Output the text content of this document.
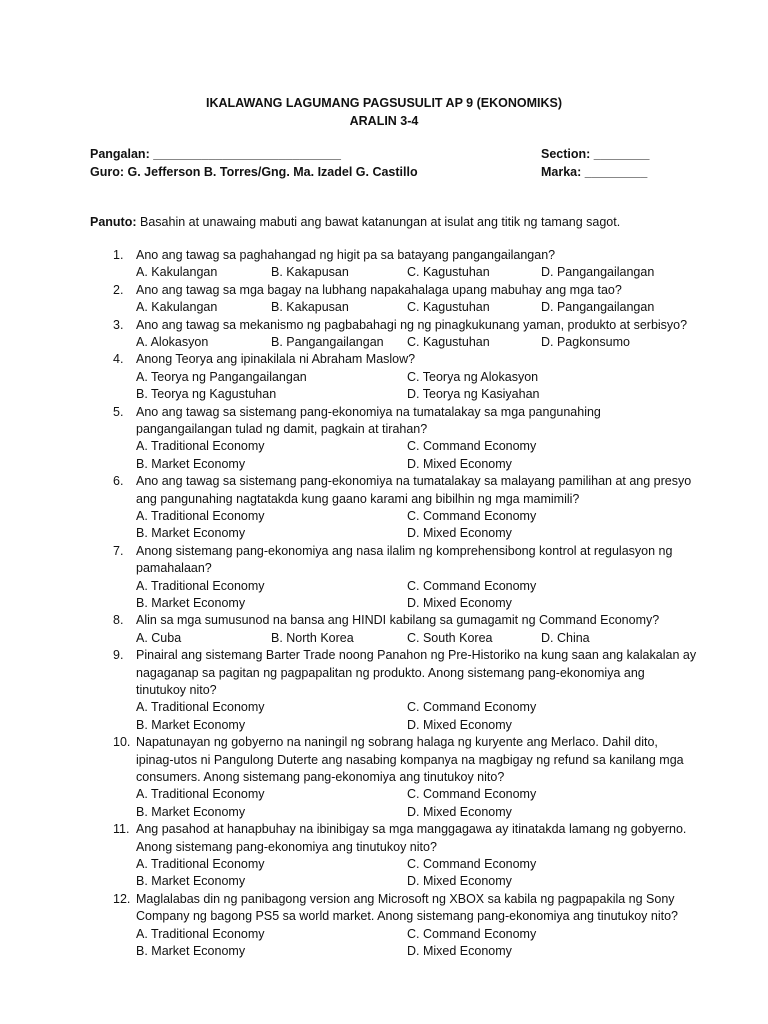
IKALAWANG LAGUMANG PAGSUSULIT AP 9 (EKONOMIKS)
ARALIN 3-4
Pangalan: ___________________________	Section: ________
Guro: G. Jefferson B. Torres/Gng. Ma. Izadel G. Castillo	Marka: _________
Panuto: Basahin at unawaing mabuti ang bawat katanungan at isulat ang titik ng tamang sagot.
1. Ano ang tawag sa paghahangad ng higit pa sa batayang pangangailangan?
A. Kakulangan	B. Kakapusan	C. Kagustuhan	D. Pangangailangan
2. Ano ang tawag sa mga bagay na lubhang napakahalaga upang mabuhay ang mga tao?
A. Kakulangan	B. Kakapusan	C. Kagustuhan	D. Pangangailangan
3. Ano ang tawag sa mekanismo ng pagbabahagi ng ng pinagkukunang yaman, produkto at serbisyo?
A. Alokasyon	B. Pangangailangan C. Kagustuhan	D. Pagkonsumo
4. Anong Teorya ang ipinakilala ni Abraham Maslow?
A. Teorya ng Pangangailangan	C. Teorya ng Alokasyon
B. Teorya ng Kagustuhan	D. Teorya ng Kasiyahan
5. Ano ang tawag sa sistemang pang-ekonomiya na tumatalakay sa mga pangunahing
pangangailangan tulad ng damit, pagkain at tirahan?
A. Traditional Economy	C. Command Economy
B. Market Economy	D. Mixed Economy
6. Ano ang tawag sa sistemang pang-ekonomiya na tumatalakay sa malayang pamilihan at ang presyo
ang pangunahing nagtatakda kung gaano karami ang bibilhin ng mga mamimili?
A. Traditional Economy	C. Command Economy
B. Market Economy	D. Mixed Economy
7. Anong sistemang pang-ekonomiya ang nasa ilalim ng komprehensibong kontrol at regulasyon ng
pamahalaan?
A. Traditional Economy	C. Command Economy
B. Market Economy	D. Mixed Economy
8. Alin sa mga sumusunod na bansa ang HINDI kabilang sa gumagamit ng Command Economy?
A. Cuba	B. North Korea	C. South Korea	D. China
9. Pinairal ang sistemang Barter Trade noong Panahon ng Pre-Historiko na kung saan ang kalakalan ay
nagaganap sa pagitan ng pagpapalitan ng produkto. Anong sistemang pang-ekonomiya ang
tinutukoy nito?
A. Traditional Economy	C. Command Economy
B. Market Economy	D. Mixed Economy
10. Napatunayan ng gobyerno na naningil ng sobrang halaga ng kuryente ang Merlaco. Dahil dito,
ipinag-utos ni Pangulong Duterte ang nasabing kompanya na magbigay ng refund sa kanilang mga
consumers. Anong sistemang pang-ekonomiya ang tinutukoy nito?
A. Traditional Economy	C. Command Economy
B. Market Economy	D. Mixed Economy
11. Ang pasahod at hanapbuhay na ibinibigay sa mga manggagawa ay itinatakda lamang ng gobyerno.
Anong sistemang pang-ekonomiya ang tinutukoy nito?
A. Traditional Economy	C. Command Economy
B. Market Economy	D. Mixed Economy
12. Maglalabas din ng panibagong version ang Microsoft ng XBOX sa kabila ng pagpapakila ng Sony
Company ng bagong PS5 sa world market. Anong sistemang pang-ekonomiya ang tinutukoy nito?
A. Traditional Economy	C. Command Economy
B. Market Economy	D. Mixed Economy
